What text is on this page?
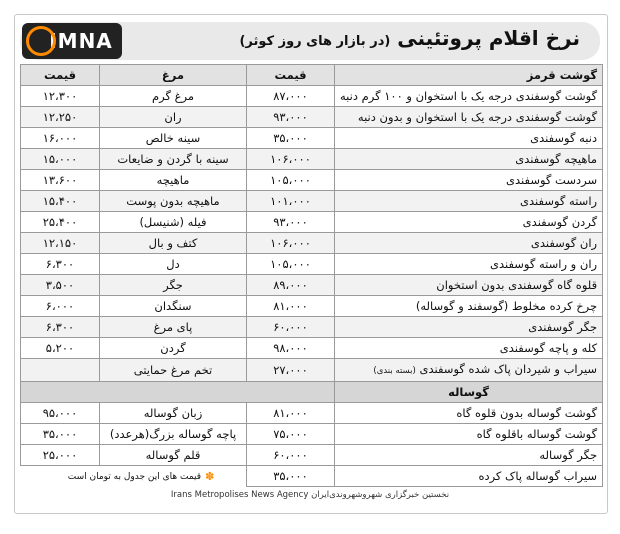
IMNA	نرخ اقلام پروتئینی (در بازار های روز کوثر)
گوشت قرمز	قیمت	مرغ	قیمت
گوشت گوسفندی درجه یک با استخوان و ۱۰۰ گرم دنبه	۸۷،۰۰۰	مرغ گرم	۱۲،۳۰۰
گوشت گوسفندی درجه یک با استخوان و بدون دنبه	۹۳،۰۰۰	ران	۱۲،۲۵۰
دنبه گوسفندی	۳۵،۰۰۰	سینه خالص	۱۶،۰۰۰
ماهیچه گوسفندی	۱۰۶،۰۰۰	سینه با گردن و ضایعات	۱۵،۰۰۰
سردست گوسفندی	۱۰۵،۰۰۰	ماهیچه	۱۳،۶۰۰
راسته گوسفندی	۱۰۱،۰۰۰	ماهیچه بدون پوست	۱۵،۴۰۰
گردن گوسفندی	۹۳،۰۰۰	فیله (شنیسل)	۲۵،۴۰۰
ران گوسفندی	۱۰۶،۰۰۰	کتف و بال	۱۲،۱۵۰
ران و راسته گوسفندی	۱۰۵،۰۰۰	دل	۶،۳۰۰
قلوه گاه گوسفندی بدون استخوان	۸۹،۰۰۰	جگر	۳،۵۰۰
چرخ کرده مخلوط (گوسفند و گوساله)	۸۱،۰۰۰	سنگدان	۶،۰۰۰
جگر گوسفندی	۶۰،۰۰۰	پای مرغ	۶،۳۰۰
کله و پاچه گوسفندی	۹۸،۰۰۰	گردن	۵،۲۰۰
سیراب و شیردان پاک شده گوسفندی (بسته بندی)	۲۷،۰۰۰	تخم مرغ حمایتی	
گوساله			
گوشت گوساله بدون قلوه گاه	۸۱،۰۰۰	زبان گوساله	۹۵،۰۰۰
گوشت گوساله باقلوه گاه	۷۵،۰۰۰	پاچه گوساله بزرگ(هرعدد)	۳۵،۰۰۰
جگر گوساله	۶۰،۰۰۰	قلم گوساله	۲۵،۰۰۰
سیراب گوساله پاک کرده	۳۵،۰۰۰		
✽
قیمت های این جدول به تومان است
Irans Metropolises News Agency نخستین خبرگزاری شهروشهروندی‌ایران
